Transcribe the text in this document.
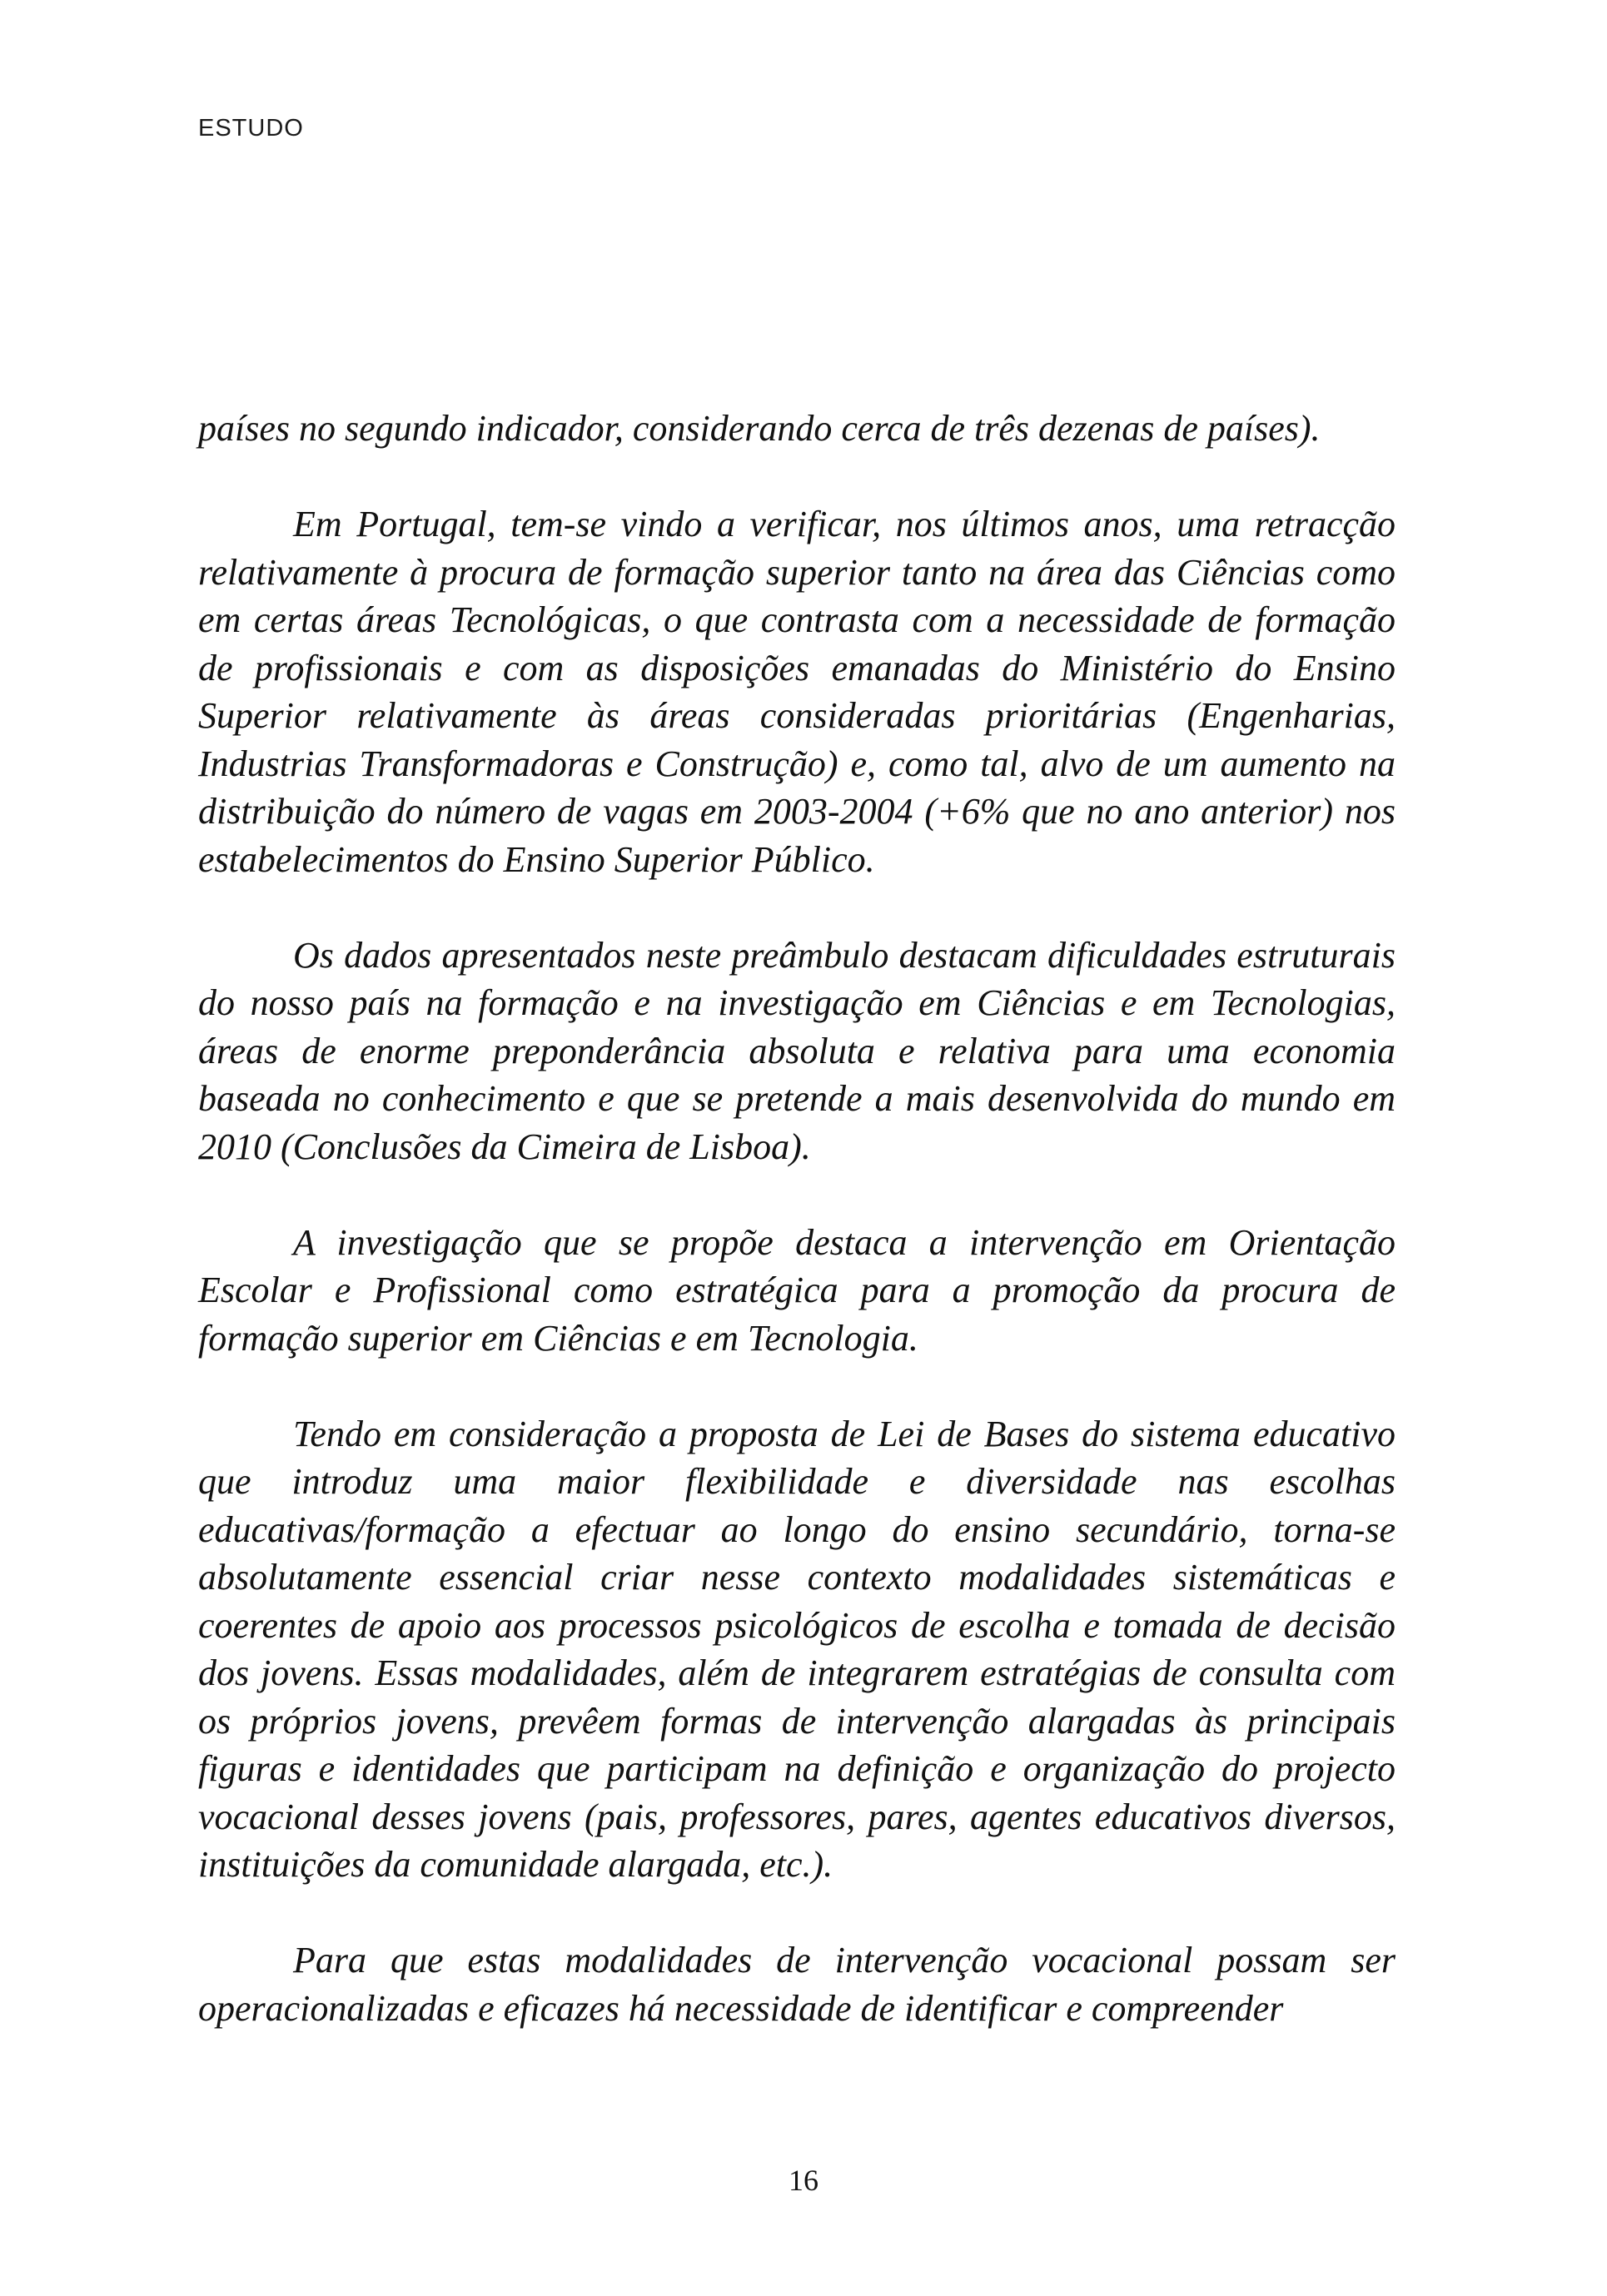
ESTUDO

países no segundo indicador, considerando cerca de três dezenas de países).

Em Portugal, tem-se vindo a verificar, nos últimos anos, uma retracção relativamente à procura de formação superior tanto na área das Ciências como em certas áreas Tecnológicas, o que contrasta com a necessidade de formação de profissionais e com as disposições emanadas do Ministério do Ensino Superior relativamente às áreas consideradas prioritárias (Engenharias, Industrias Transformadoras e Construção) e, como tal, alvo de um aumento na distribuição do número de vagas em 2003-2004 (+6% que no ano anterior) nos estabelecimentos do Ensino Superior Público.

Os dados apresentados neste preâmbulo destacam dificuldades estruturais do nosso país na formação e na investigação em Ciências e em Tecnologias, áreas de enorme preponderância absoluta e relativa para uma economia baseada no conhecimento e que se pretende a mais desenvolvida do mundo em 2010 (Conclusões da Cimeira de Lisboa).

A investigação que se propõe destaca a intervenção em Orientação Escolar e Profissional como estratégica para a promoção da procura de formação superior em Ciências e em Tecnologia.

Tendo em consideração a proposta de Lei de Bases do sistema educativo que introduz uma maior flexibilidade e diversidade nas escolhas educativas/formação a efectuar ao longo do ensino secundário, torna-se absolutamente essencial criar nesse contexto modalidades sistemáticas e coerentes de apoio aos processos psicológicos de escolha e tomada de decisão dos jovens. Essas modalidades, além de integrarem estratégias de consulta com os próprios jovens, prevêem formas de intervenção alargadas às principais figuras e identidades que participam na definição e organização do projecto vocacional desses jovens (pais, professores, pares, agentes educativos diversos, instituições da comunidade alargada, etc.).

Para que estas modalidades de intervenção vocacional possam ser operacionalizadas e eficazes há necessidade de identificar e compreender

16
